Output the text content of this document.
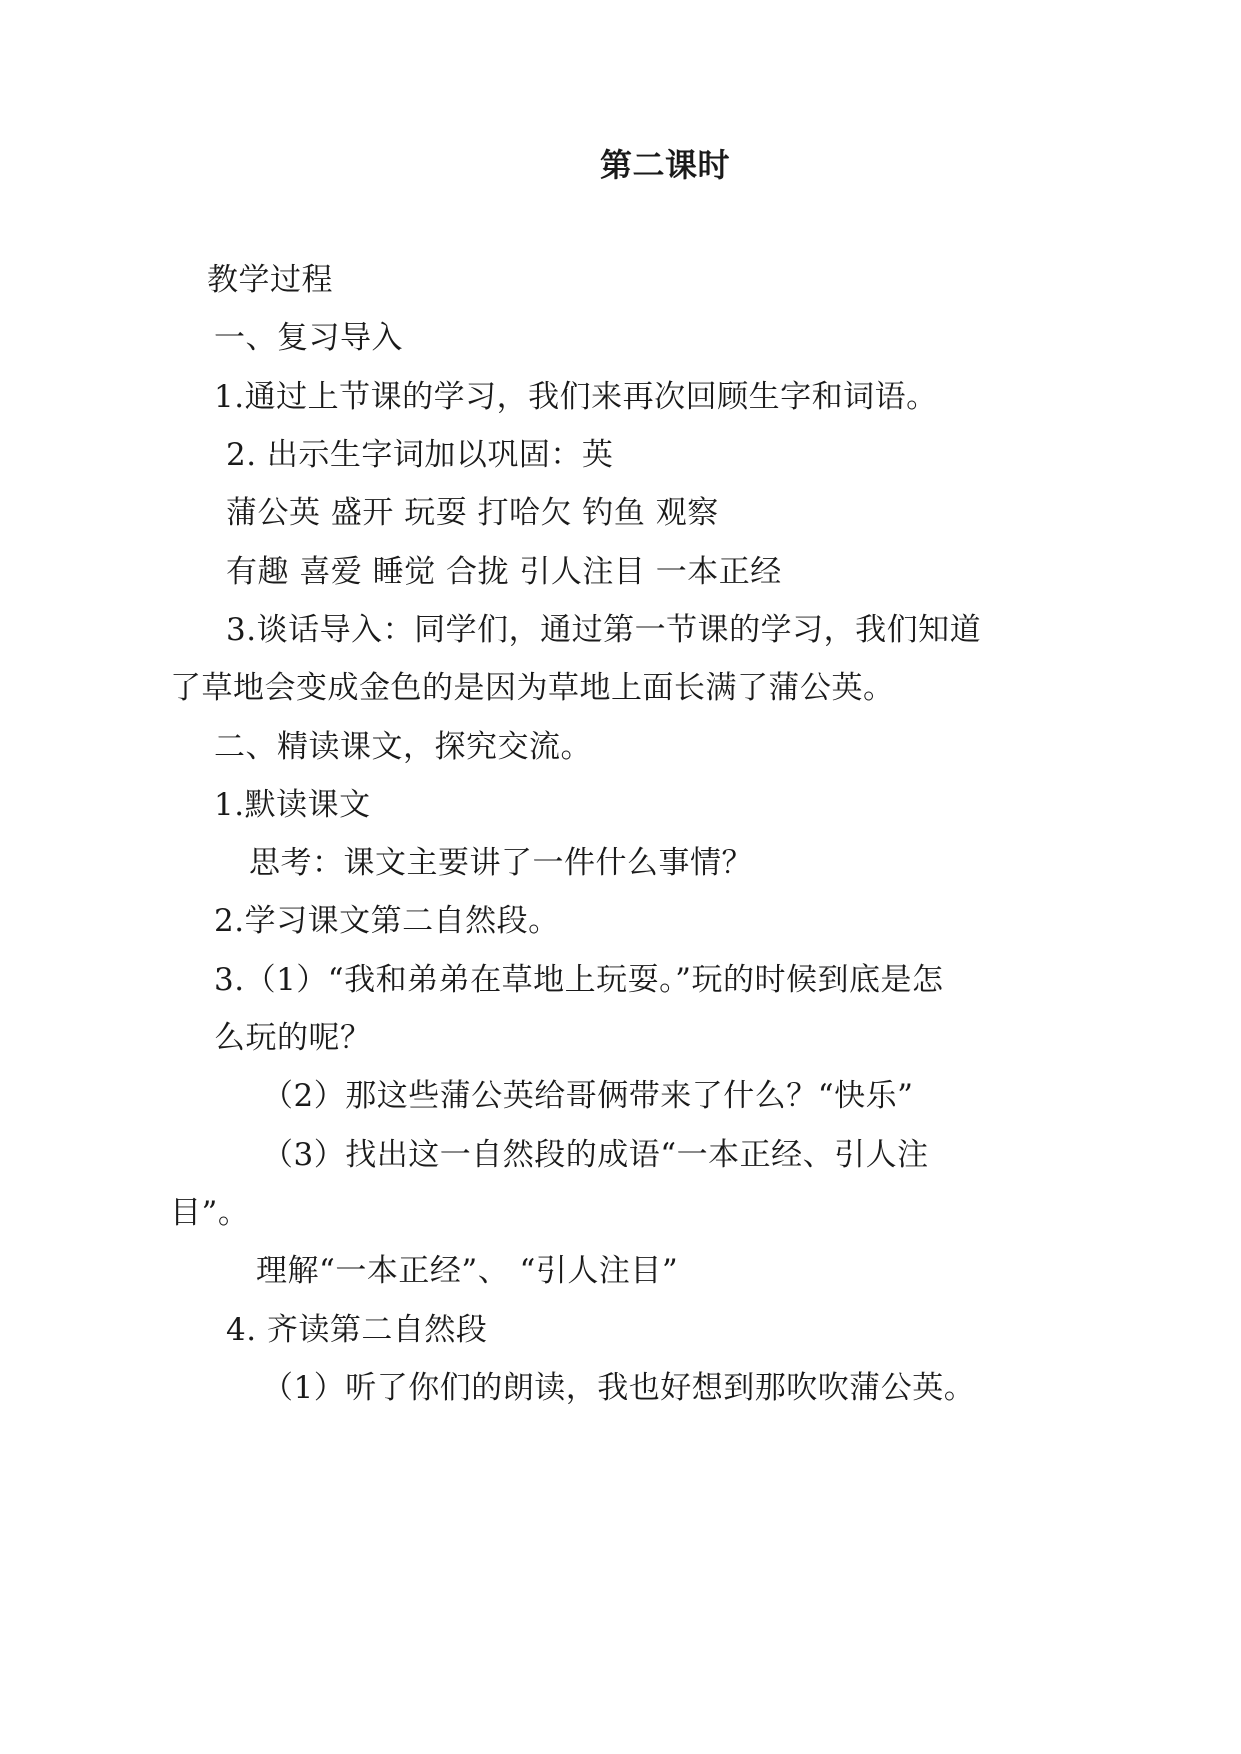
第二课时
教学过程
一、复习导入
1.通过上节课的学习，我们来再次回顾生字和词语。
2. 出示生字词加以巩固：英
蒲公英 盛开 玩耍 打哈欠 钓鱼 观察
有趣 喜爱 睡觉 合拢 引人注目 一本正经
3.谈话导入：同学们，通过第一节课的学习，我们知道
了草地会变成金色的是因为草地上面长满了蒲公英。
二、精读课文，探究交流。
1.默读课文
思考：课文主要讲了一件什么事情？
2.学习课文第二自然段。
3.（1）“我和弟弟在草地上玩耍。”玩的时候到底是怎
么玩的呢？
（2）那这些蒲公英给哥俩带来了什么？“快乐”
（3）找出这一自然段的成语“一本正经、引人注
目”。
理解“一本正经”、 “引人注目”
4. 齐读第二自然段
（1）听了你们的朗读，我也好想到那吹吹蒲公英。
